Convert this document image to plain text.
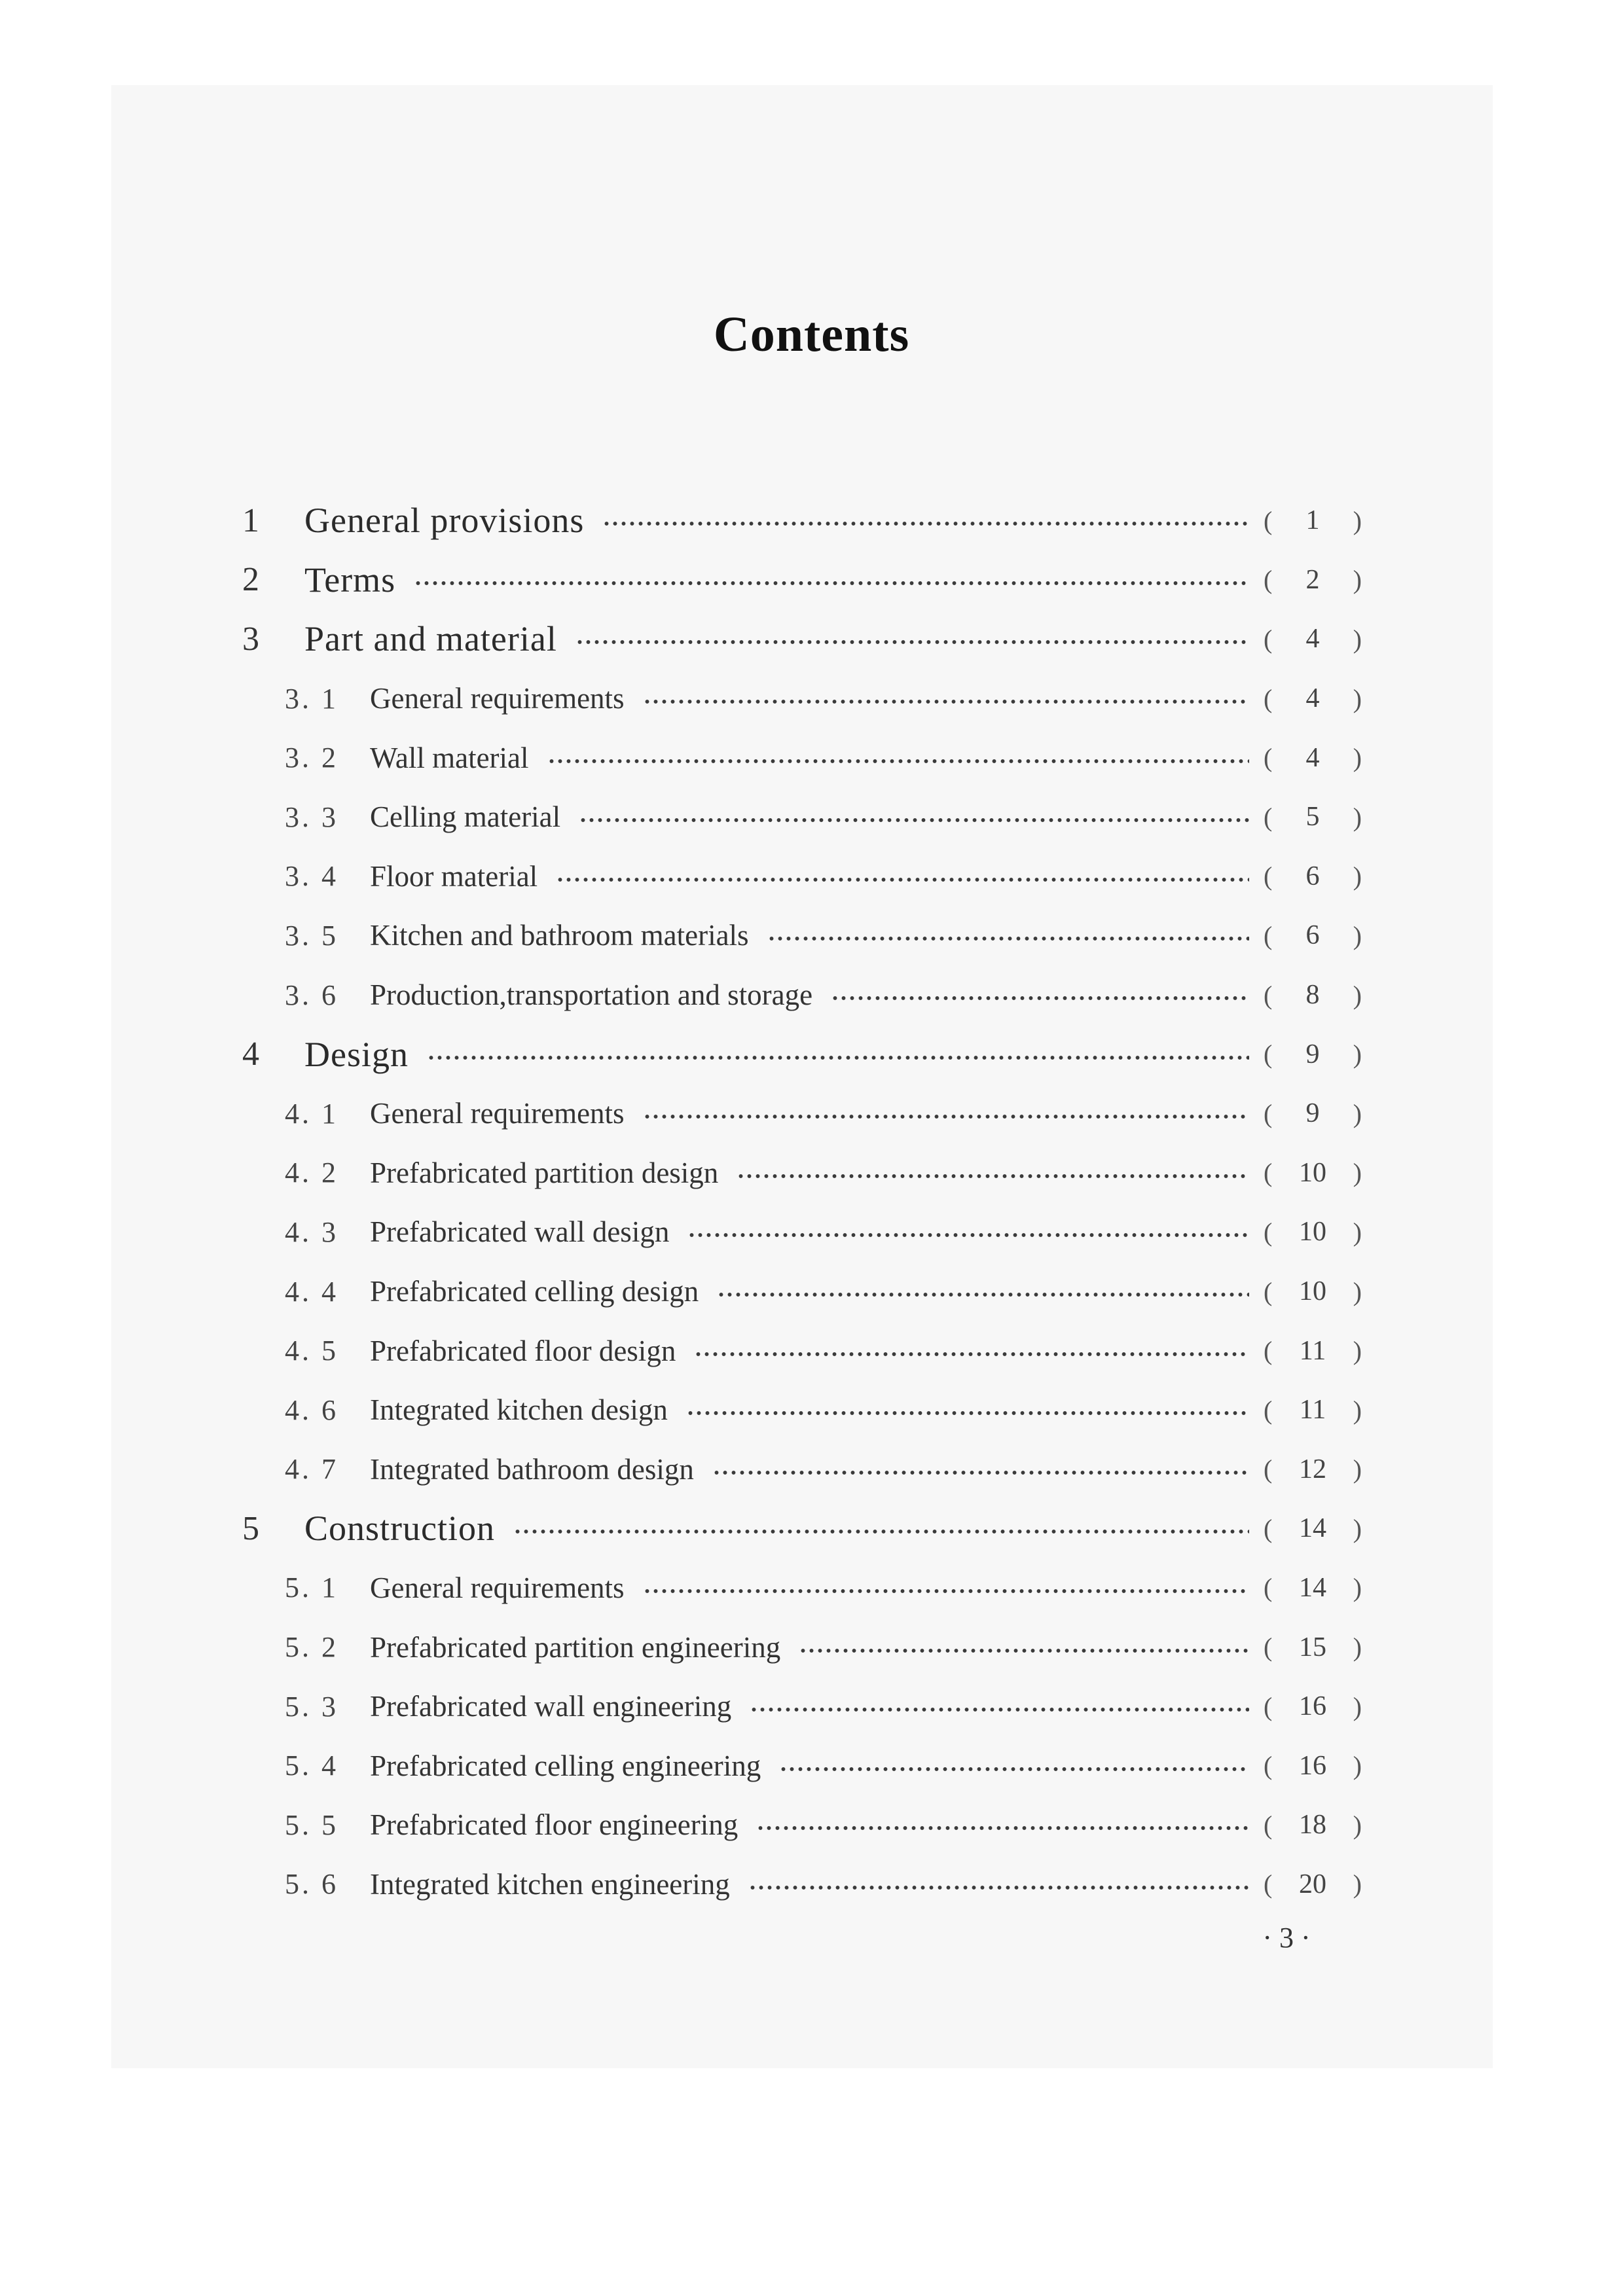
Contents
1	General provisions	(	1	)
2	Terms	(	2	)
3	Part and material	(	4	)
3. 1	General requirements	(	4	)
3. 2	Wall material	(	4	)
3. 3	Celling material	(	5	)
3. 4	Floor material	(	6	)
3. 5	Kitchen and bathroom materials	(	6	)
3. 6	Production,transportation and storage	(	8	)
4	Design	(	9	)
4. 1	General requirements	(	9	)
4. 2	Prefabricated partition design	( 10	)
4. 3	Prefabricated wall design	( 10	)
4. 4	Prefabricated celling design	( 10	)
4. 5	Prefabricated floor design	( 11	)
4. 6	Integrated kitchen design	( 11	)
4. 7	Integrated bathroom design	( 12	)
5	Construction	( 14	)
5. 1	General requirements	( 14	)
5. 2	Prefabricated partition engineering	( 15	)
5. 3	Prefabricated wall engineering	( 16	)
5. 4	Prefabricated celling engineering	( 16	)
5. 5	Prefabricated floor engineering	( 18	)
5. 6	Integrated kitchen engineering	( 20	)
· 3 ·
